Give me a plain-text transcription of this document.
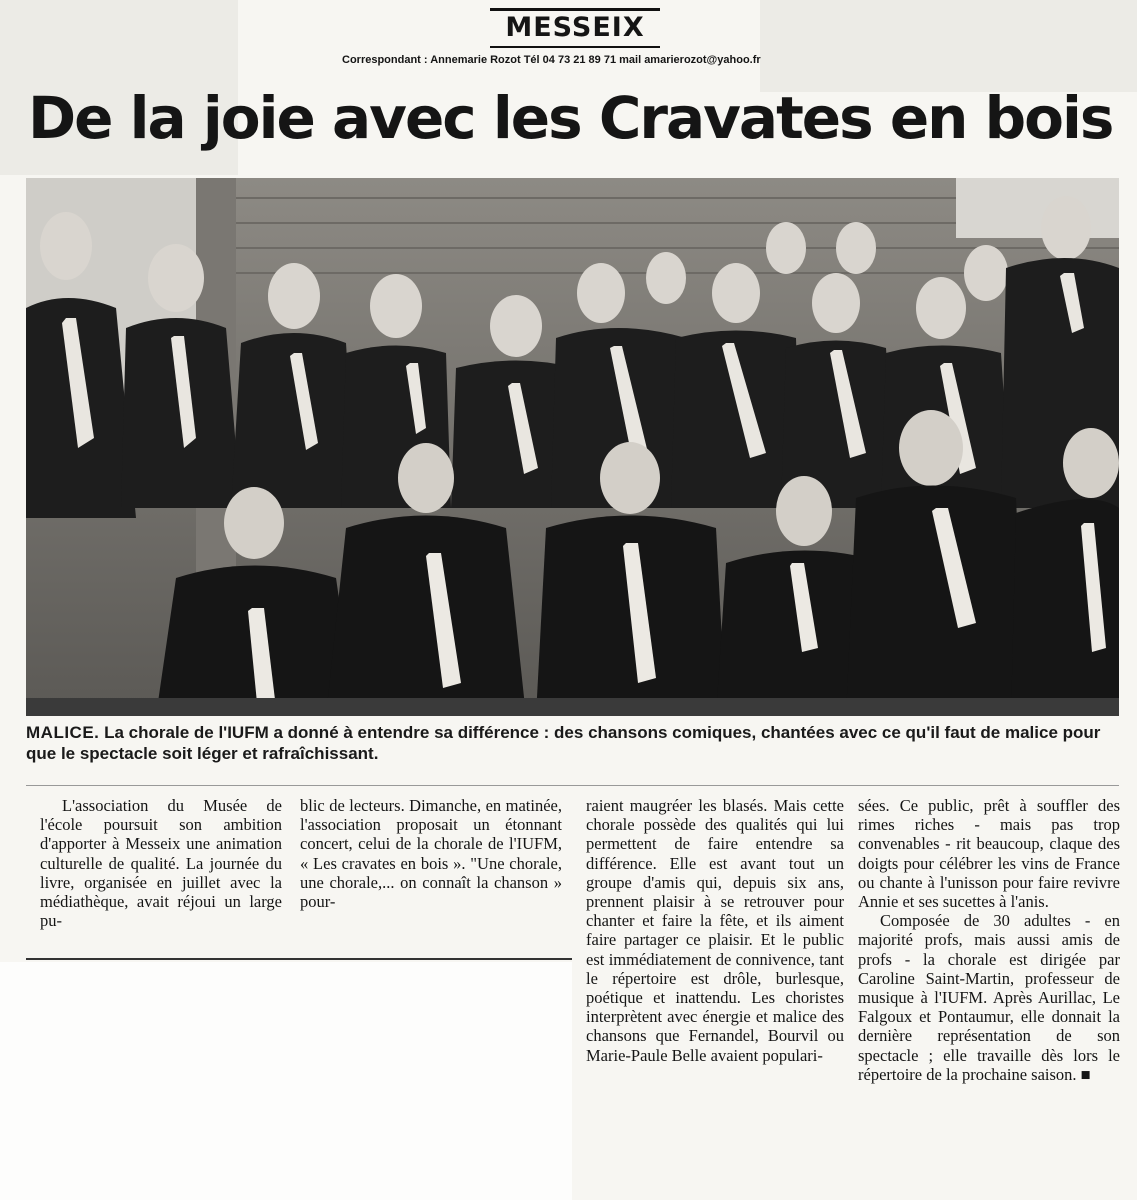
MESSEIX
Correspondant : Annemarie Rozot Tél 04 73 21 89 71 mail amarierozot@yahoo.fr
De la joie avec les Cravates en bois
MALICE. La chorale de l'IUFM a donné à entendre sa différence : des chansons comiques, chantées avec ce qu'il faut de malice pour que le spectacle soit léger et rafraîchissant.

L'association du Musée de l'école poursuit son ambition d'apporter à Messeix une animation culturelle de qualité. La journée du livre, organisée en juillet avec la médiathèque, avait réjoui un large pu-

blic de lecteurs. Dimanche, en matinée, l'association proposait un étonnant concert, celui de la chorale de l'IUFM, « Les cravates en bois ». "Une chorale, une chorale,... on connaît la chanson » pour-

raient maugréer les blasés. Mais cette chorale possède des qualités qui lui permettent de faire entendre sa différence. Elle est avant tout un groupe d'amis qui, depuis six ans, prennent plaisir à se retrouver pour chanter et faire la fête, et ils aiment faire partager ce plaisir. Et le public est immédiatement de connivence, tant le répertoire est drôle, burlesque, poétique et inattendu. Les choristes interprètent avec énergie et malice des chansons que Fernandel, Bourvil ou Marie-Paule Belle avaient populari-

sées. Ce public, prêt à souffler des rimes riches - mais pas trop convenables - rit beaucoup, claque des doigts pour célébrer les vins de France ou chante à l'unisson pour faire revivre Annie et ses sucettes à l'anis.

Composée de 30 adultes - en majorité profs, mais aussi amis de profs - la chorale est dirigée par Caroline Saint-Martin, professeur de musique à l'IUFM. Après Aurillac, Le Falgoux et Pontaumur, elle donnait la dernière représentation de son spectacle ; elle travaille dès lors le répertoire de la prochaine saison. ■
